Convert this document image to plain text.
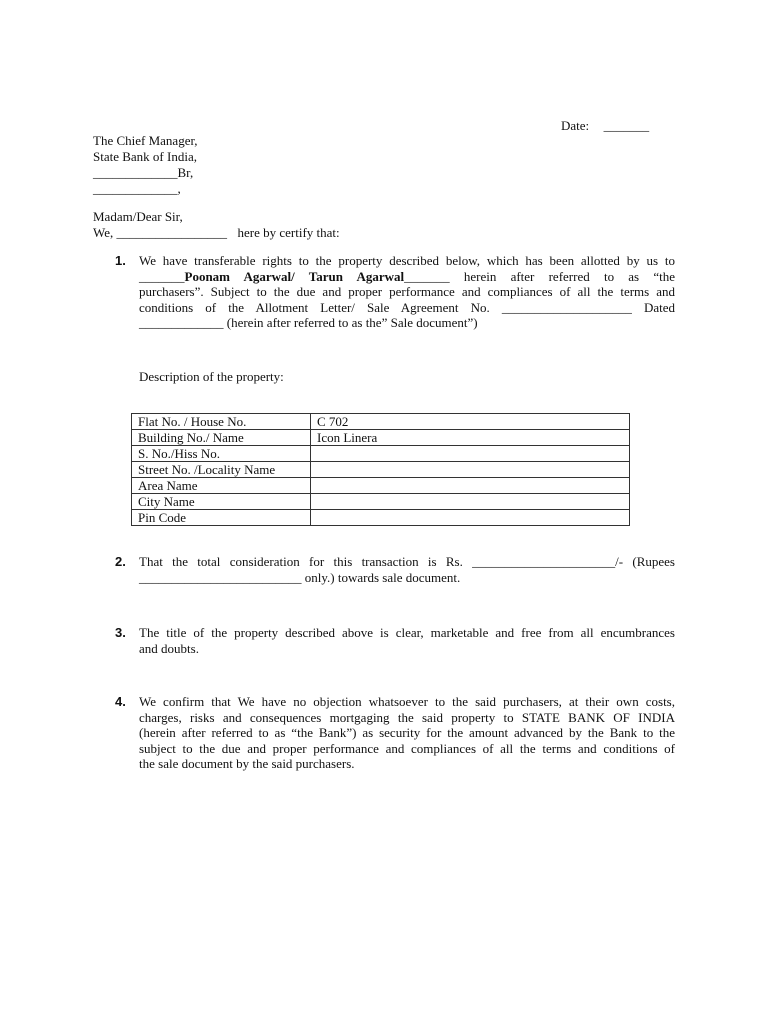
Date: _______
The Chief Manager,
State Bank of India,
_____________Br,
_____________,
Madam/Dear Sir,
We, _________________ here by certify that:
1. We have transferable rights to the property described below, which has been allotted by us to
_______Poonam Agarwal/ Tarun Agarwal_______ herein after referred to as “the
purchasers”. Subject to the due and proper performance and compliances of all the terms and
conditions of the Allotment Letter/ Sale Agreement No. ____________________ Dated
_____________ (herein after referred to as the” Sale document”)
Description of the property:
Flat No. / House No.	C 702
Building No./ Name	Icon Linera
S. No./Hiss No.	
Street No. /Locality Name	
Area Name	
City Name	
Pin Code	
2. That the total consideration for this transaction is Rs. ______________________/- (Rupees
_________________________ only.) towards sale document.
3. The title of the property described above is clear, marketable and free from all encumbrances
and doubts.
4. We confirm that We have no objection whatsoever to the said purchasers, at their own costs,
charges, risks and consequences mortgaging the said property to STATE BANK OF INDIA
(herein after referred to as “the Bank”) as security for the amount advanced by the Bank to the
subject to the due and proper performance and compliances of all the terms and conditions of
the sale document by the said purchasers.
